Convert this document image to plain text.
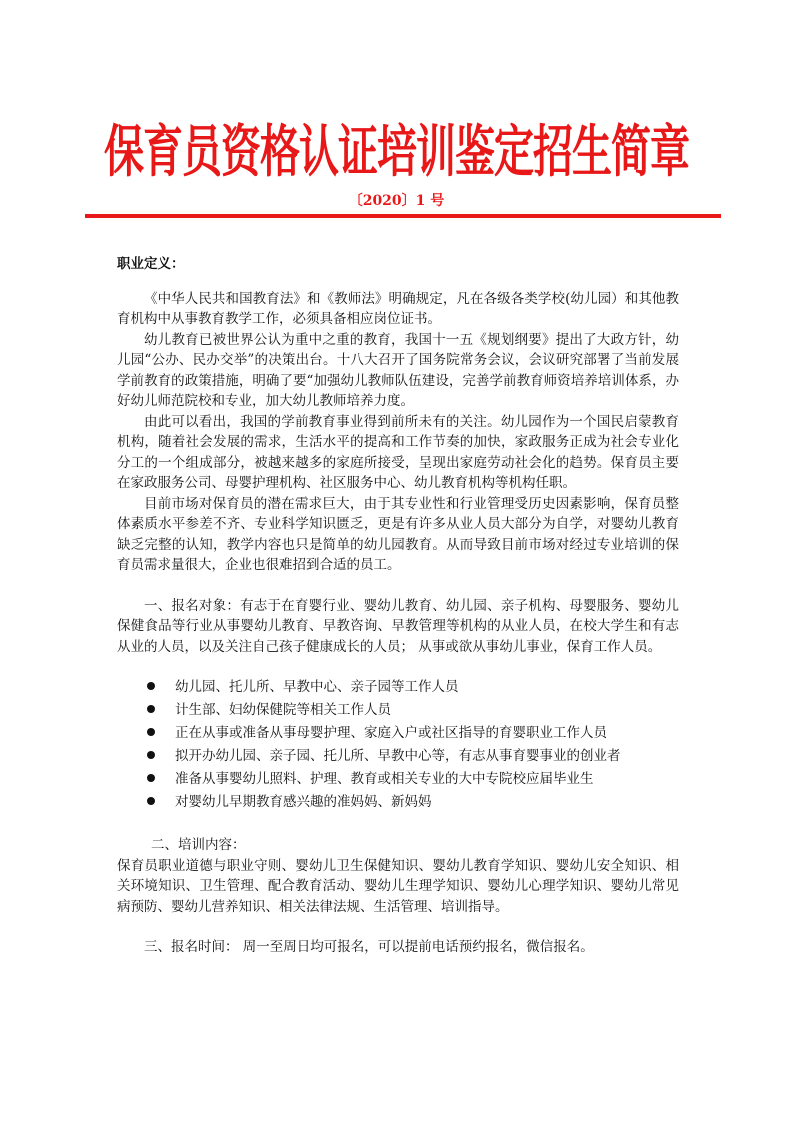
保育员资格认证培训鉴定招生简章
〔2020〕1 号

职业定义：

《中华人民共和国教育法》和《教师法》明确规定，凡在各级各类学校(幼儿园）和其他教育机构中从事教育教学工作，必须具备相应岗位证书。

幼儿教育已被世界公认为重中之重的教育，我国十一五《规划纲要》提出了大政方针，幼儿园“公办、民办交举”的决策出台。十八大召开了国务院常务会议，会议研究部署了当前发展学前教育的政策措施，明确了要“加强幼儿教师队伍建设，完善学前教育师资培养培训体系，办好幼儿师范院校和专业，加大幼儿教师培养力度。

由此可以看出，我国的学前教育事业得到前所未有的关注。幼儿园作为一个国民启蒙教育机构，随着社会发展的需求，生活水平的提高和工作节奏的加快，家政服务正成为社会专业化分工的一个组成部分，被越来越多的家庭所接受，呈现出家庭劳动社会化的趋势。保育员主要在家政服务公司、母婴护理机构、社区服务中心、幼儿教育机构等机构任职。

目前市场对保育员的潜在需求巨大，由于其专业性和行业管理受历史因素影响，保育员整体素质水平参差不齐、专业科学知识匮乏，更是有许多从业人员大部分为自学，对婴幼儿教育缺乏完整的认知，教学内容也只是简单的幼儿园教育。从而导致目前市场对经过专业培训的保育员需求量很大，企业也很难招到合适的员工。

一、报名对象：有志于在育婴行业、婴幼儿教育、幼儿园、亲子机构、母婴服务、婴幼儿保健食品等行业从事婴幼儿教育、早教咨询、早教管理等机构的从业人员，在校大学生和有志从业的人员，以及关注自己孩子健康成长的人员； 从事或欲从事幼儿事业，保育工作人员。

幼儿园、托儿所、早教中心、亲子园等工作人员
计生部、妇幼保健院等相关工作人员
正在从事或准备从事母婴护理、家庭入户或社区指导的育婴职业工作人员
拟开办幼儿园、亲子园、托儿所、早教中心等，有志从事育婴事业的创业者
准备从事婴幼儿照料、护理、教育或相关专业的大中专院校应届毕业生
对婴幼儿早期教育感兴趣的准妈妈、新妈妈

二、培训内容：

保育员职业道德与职业守则、婴幼儿卫生保健知识、婴幼儿教育学知识、婴幼儿安全知识、相关环境知识、卫生管理、配合教育活动、婴幼儿生理学知识、婴幼儿心理学知识、婴幼儿常见病预防、婴幼儿营养知识、相关法律法规、生活管理、培训指导。

三、报名时间： 周一至周日均可报名，可以提前电话预约报名，微信报名。
